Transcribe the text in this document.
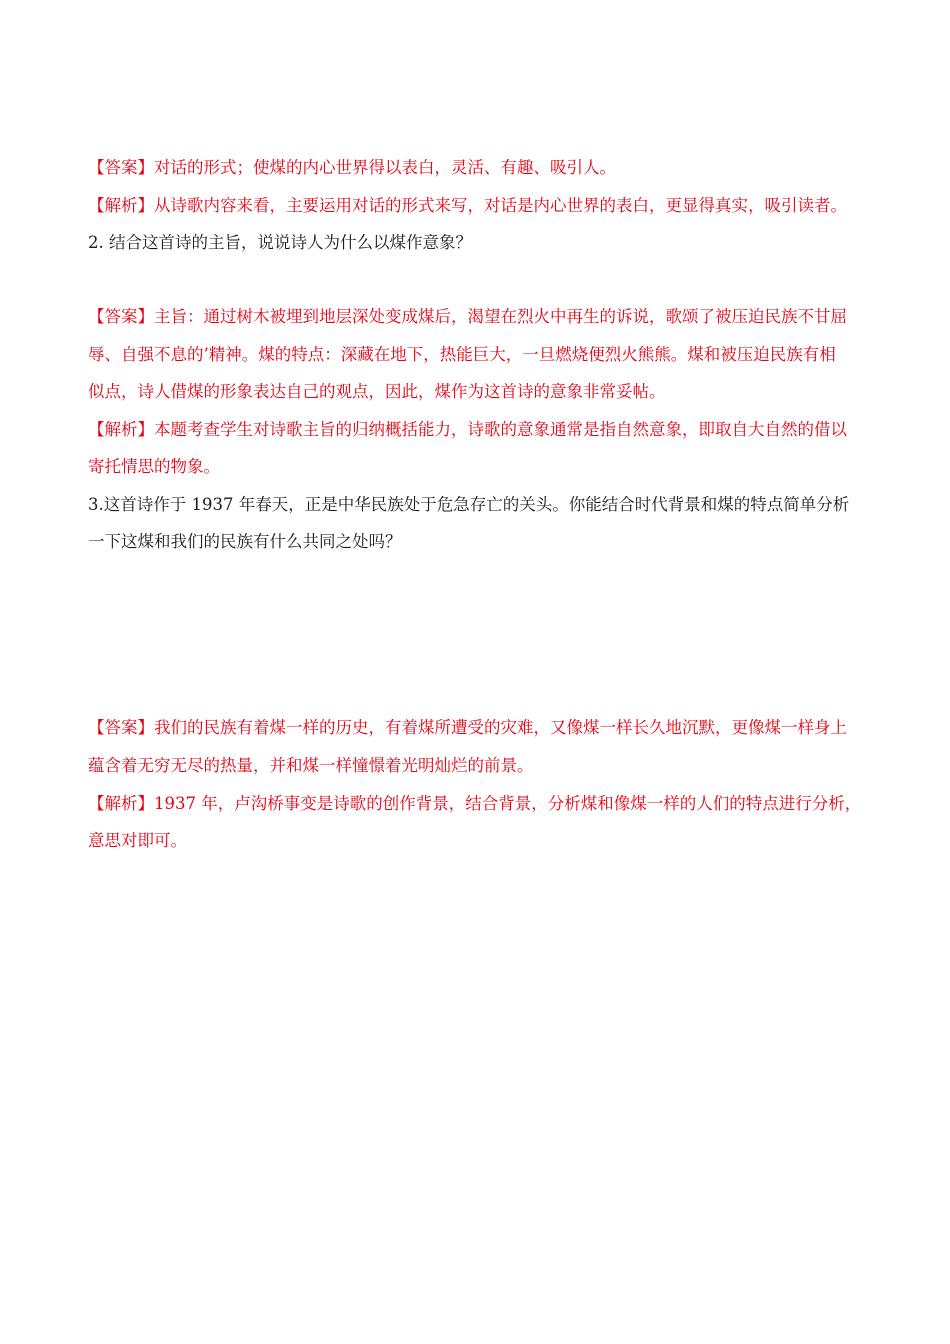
【答案】对话的形式；使煤的内心世界得以表白，灵活、有趣、吸引人。
【解析】从诗歌内容来看，主要运用对话的形式来写，对话是内心世界的表白，更显得真实，吸引读者。
2. 结合这首诗的主旨，说说诗人为什么以煤作意象？
【答案】主旨：通过树木被埋到地层深处变成煤后，渴望在烈火中再生的诉说，歌颂了被压迫民族不甘屈
辱、自强不息的’精神。煤的特点：深藏在地下，热能巨大，一旦燃烧便烈火熊熊。煤和被压迫民族有相
似点，诗人借煤的形象表达自己的观点，因此，煤作为这首诗的意象非常妥帖。
【解析】本题考查学生对诗歌主旨的归纳概括能力，诗歌的意象通常是指自然意象，即取自大自然的借以
寄托情思的物象。
3.这首诗作于 1937 年春天，正是中华民族处于危急存亡的关头。你能结合时代背景和煤的特点简单分析
一下这煤和我们的民族有什么共同之处吗？
【答案】我们的民族有着煤一样的历史，有着煤所遭受的灾难，又像煤一样长久地沉默，更像煤一样身上
蕴含着无穷无尽的热量，并和煤一样憧憬着光明灿烂的前景。
【解析】1937 年，卢沟桥事变是诗歌的创作背景，结合背景，分析煤和像煤一样的人们的特点进行分析，
意思对即可。
